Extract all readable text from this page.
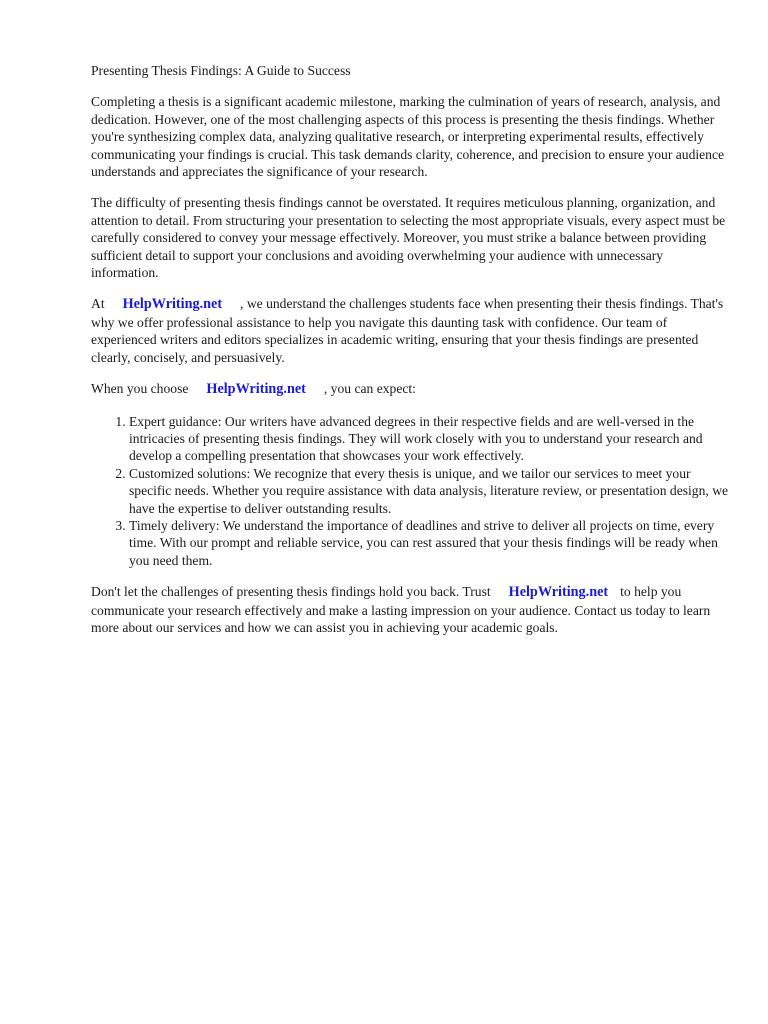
Presenting Thesis Findings: A Guide to Success

Completing a thesis is a significant academic milestone, marking the culmination of years of research, analysis, and dedication. However, one of the most challenging aspects of this process is presenting the thesis findings. Whether you're synthesizing complex data, analyzing qualitative research, or interpreting experimental results, effectively communicating your findings is crucial. This task demands clarity, coherence, and precision to ensure your audience understands and appreciates the significance of your research.

The difficulty of presenting thesis findings cannot be overstated. It requires meticulous planning, organization, and attention to detail. From structuring your presentation to selecting the most appropriate visuals, every aspect must be carefully considered to convey your message effectively. Moreover, you must strike a balance between providing sufficient detail to support your conclusions and avoiding overwhelming your audience with unnecessary information.

At HelpWriting.net , we understand the challenges students face when presenting their thesis findings. That's why we offer professional assistance to help you navigate this daunting task with confidence. Our team of experienced writers and editors specializes in academic writing, ensuring that your thesis findings are presented clearly, concisely, and persuasively.

When you choose HelpWriting.net , you can expect:

1. Expert guidance: Our writers have advanced degrees in their respective fields and are well-versed in the intricacies of presenting thesis findings. They will work closely with you to understand your research and develop a compelling presentation that showcases your work effectively.
2. Customized solutions: We recognize that every thesis is unique, and we tailor our services to meet your specific needs. Whether you require assistance with data analysis, literature review, or presentation design, we have the expertise to deliver outstanding results.
3. Timely delivery: We understand the importance of deadlines and strive to deliver all projects on time, every time. With our prompt and reliable service, you can rest assured that your thesis findings will be ready when you need them.

Don't let the challenges of presenting thesis findings hold you back. Trust HelpWriting.net to help you communicate your research effectively and make a lasting impression on your audience. Contact us today to learn more about our services and how we can assist you in achieving your academic goals.
